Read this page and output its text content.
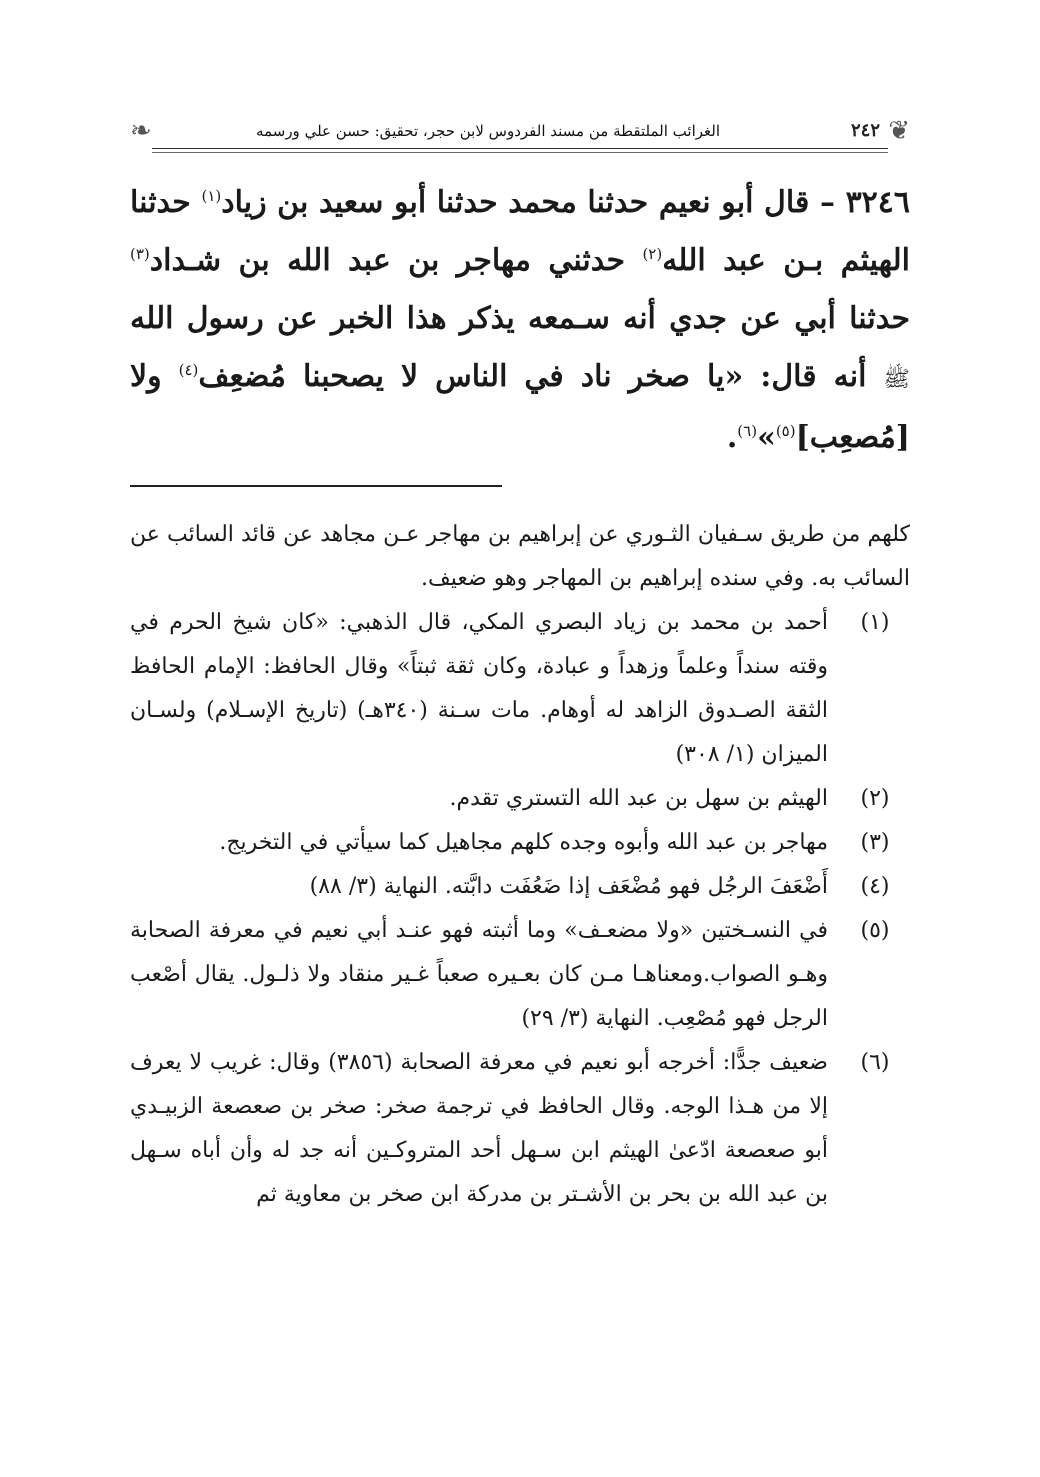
❦
٢٤٢
الغرائب الملتقطة من مسند الفردوس لابن حجر، تحقيق: حسن علي ورسمه
❧
٣٢٤٦ – قال أبو نعيم حدثنا محمد حدثنا أبو سعيد بن زياد$^{(١)}$ حدثنا الهيثم بـن عبد الله$^{(٢)}$ حدثني مهاجر بن عبد الله بن شـداد$^{(٣)}$ حدثنا أبي عن جدي أنه سـمعه يذكر هذا الخبر عن رسول الله ﷺ أنه قال: «يا صخر ناد في الناس لا يصحبنا مُضعِف$^{(٤)}$ ولا [مُصعِب]$^{(٥)}$»$^{(٦)}$.
كلهم من طريق سـفيان الثـوري عن إبراهيم بن مهاجر عـن مجاهد عن قائد السائب عن السائب به. وفي سنده إبراهيم بن المهاجر وهو ضعيف.
(١)
أحمد بن محمد بن زياد البصري المكي، قال الذهبي: «كان شيخ الحرم في وقته سنداً وعلماً وزهداً و عبادة، وكان ثقة ثبتاً» وقال الحافظ: الإمام الحافظ الثقة الصـدوق الزاهد له أوهام. مات سـنة (٣٤٠هـ) (تاريخ الإسـلام) ولسـان الميزان (١/ ٣٠٨)
(٢)
الهيثم بن سهل بن عبد الله التستري تقدم.
(٣)
مهاجر بن عبد الله وأبوه وجده كلهم مجاهيل كما سيأتي في التخريج.
(٤)
أَضْعَفَ الرجُل فهو مُضْعَف إذا ضَعُفَت دابَّته. النهاية (٣/ ٨٨)
(٥)
في النسـختين «ولا مضعـف» وما أثبته فهو عنـد أبي نعيم في معرفة الصحابة وهـو الصواب.ومعناهـا مـن كان بعـيره صعباً غـير منقاد ولا ذلـول. يقال أصْعب الرجل فهو مُصْعِب. النهاية (٣/ ٢٩)
(٦)
ضعيف جدًّا: أخرجه أبو نعيم في معرفة الصحابة (٣٨٥٦) وقال: غريب لا يعرف إلا من هـذا الوجه. وقال الحافظ في ترجمة صخر: صخر بن صعصعة الزبيـدي أبو صعصعة ادّعىٰ الهيثم ابن سـهل أحد المتروكـين أنه جد له وأن أباه سـهل بن عبد الله بن بحر بن الأشـتر بن مدركة ابن صخر بن معاوية ثم
